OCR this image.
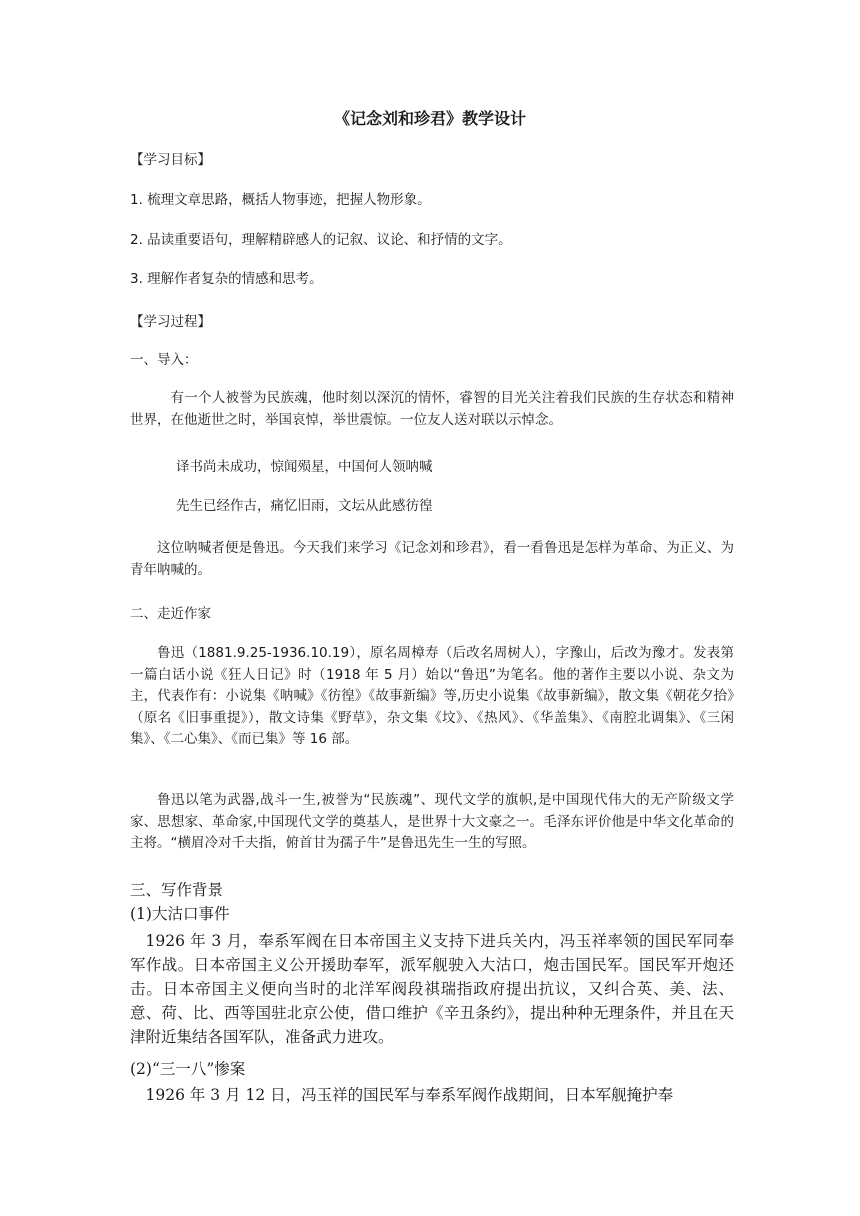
《记念刘和珍君》教学设计
【学习目标】
1. 梳理文章思路，概括人物事迹，把握人物形象。
2. 品读重要语句，理解精辟感人的记叙、议论、和抒情的文字。
3. 理解作者复杂的情感和思考。
【学习过程】
一、导入：
有一个人被誉为民族魂，他时刻以深沉的情怀，睿智的目光关注着我们民族的生存状态和精神世界，在他逝世之时，举国哀悼，举世震惊。一位友人送对联以示悼念。
译书尚未成功，惊闻殒星，中国何人领呐喊
先生已经作古，痛忆旧雨，文坛从此感彷徨
这位呐喊者便是鲁迅。今天我们来学习《记念刘和珍君》，看一看鲁迅是怎样为革命、为正义、为青年呐喊的。
二、走近作家
鲁迅（1881.9.25-1936.10.19），原名周樟寿（后改名周树人），字豫山，后改为豫才。发表第一篇白话小说《狂人日记》时（1918 年 5 月）始以“鲁迅”为笔名。他的著作主要以小说、杂文为主，代表作有：小说集《呐喊》《彷徨》《故事新编》等,历史小说集《故事新编》，散文集《朝花夕拾》（原名《旧事重提》），散文诗集《野草》，杂文集《坟》、《热风》、《华盖集》、《南腔北调集》、《三闲集》、《二心集》、《而已集》等 16 部。
鲁迅以笔为武器,战斗一生,被誉为“民族魂”、现代文学的旗帜,是中国现代伟大的无产阶级文学家、思想家、革命家,中国现代文学的奠基人，是世界十大文豪之一。毛泽东评价他是中华文化革命的主将。“横眉冷对千夫指，俯首甘为孺子牛”是鲁迅先生一生的写照。
三、写作背景
(1)大沽口事件
1926 年 3 月，奉系军阀在日本帝国主义支持下进兵关内，冯玉祥率领的国民军同奉军作战。日本帝国主义公开援助奉军，派军舰驶入大沽口，炮击国民军。国民军开炮还击。日本帝国主义便向当时的北洋军阀段祺瑞指政府提出抗议，又纠合英、美、法、意、荷、比、西等国驻北京公使，借口维护《辛丑条约》，提出种种无理条件，并且在天津附近集结各国军队，准备武力进攻。
(2)“三一八”惨案
1926 年 3 月 12 日，冯玉祥的国民军与奉系军阀作战期间，日本军舰掩护奉
